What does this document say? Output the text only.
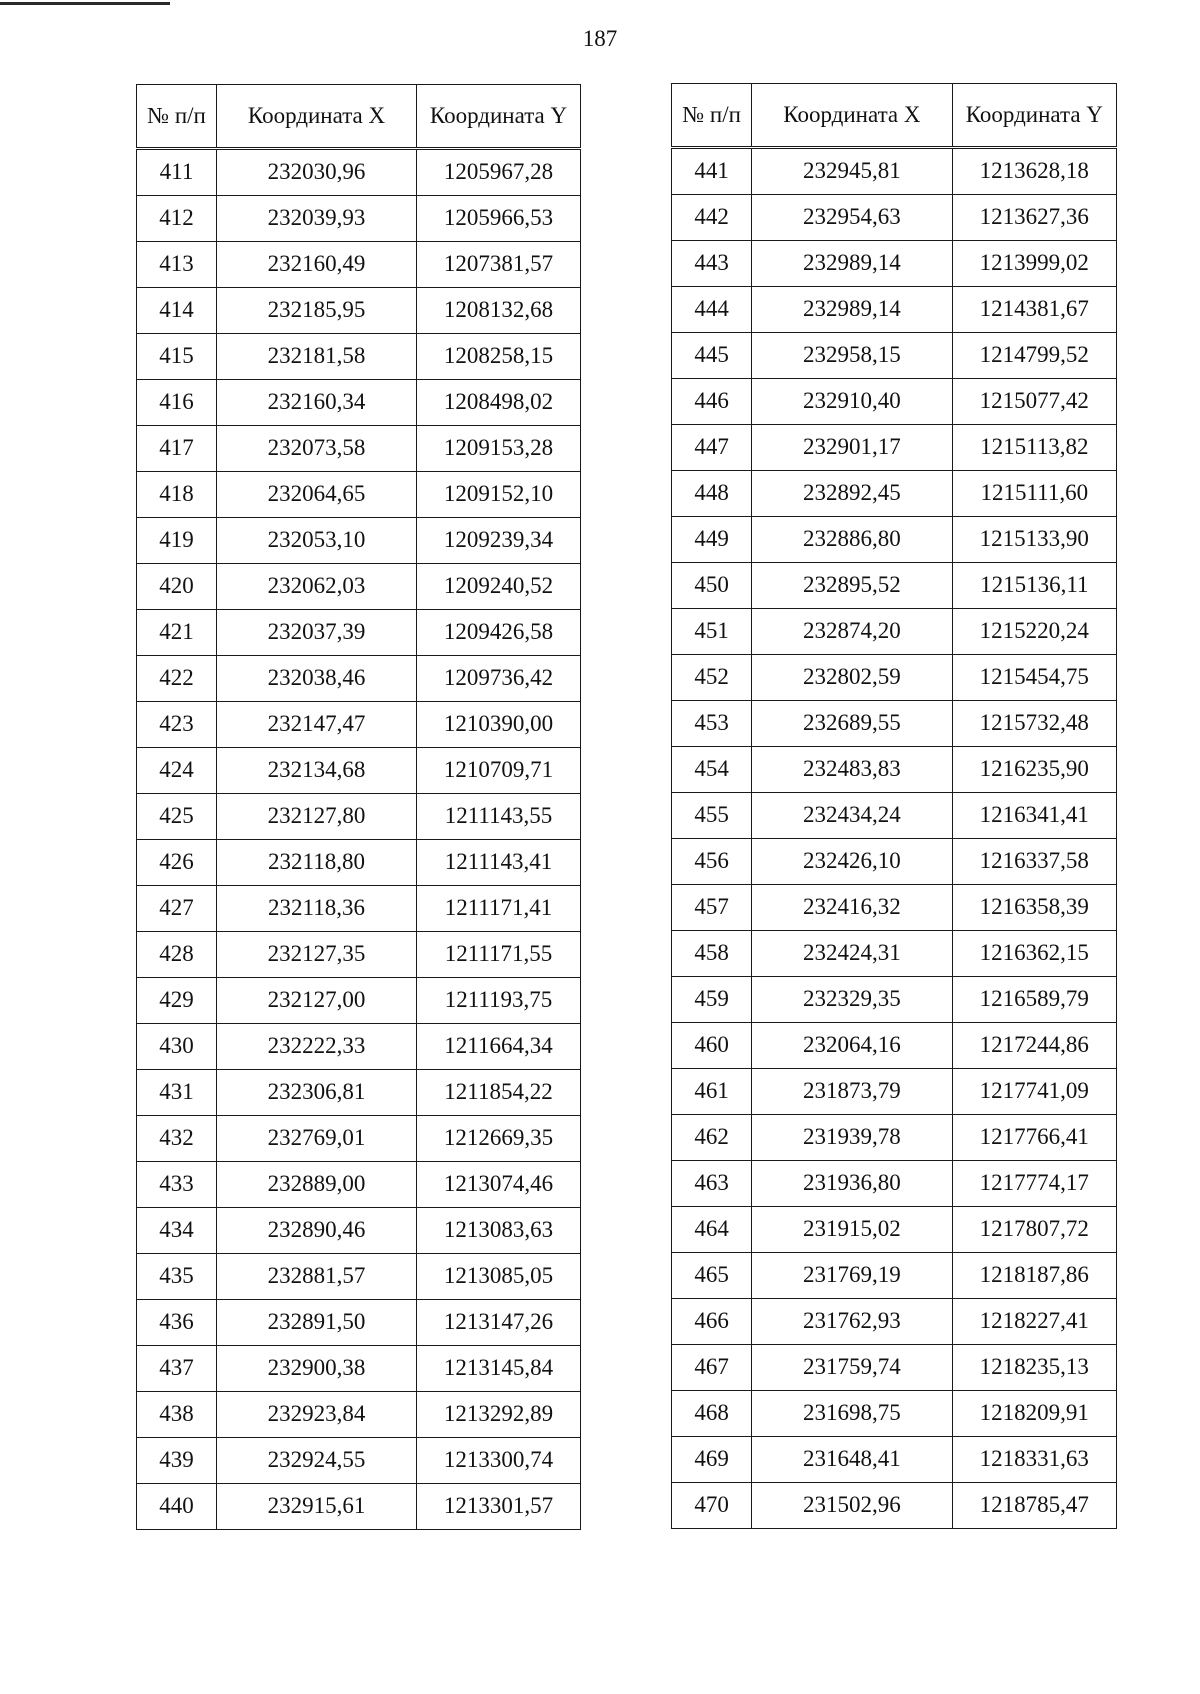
187
№ п/п	Координата X	Координата Y
411	232030,96	1205967,28
412	232039,93	1205966,53
413	232160,49	1207381,57
414	232185,95	1208132,68
415	232181,58	1208258,15
416	232160,34	1208498,02
417	232073,58	1209153,28
418	232064,65	1209152,10
419	232053,10	1209239,34
420	232062,03	1209240,52
421	232037,39	1209426,58
422	232038,46	1209736,42
423	232147,47	1210390,00
424	232134,68	1210709,71
425	232127,80	1211143,55
426	232118,80	1211143,41
427	232118,36	1211171,41
428	232127,35	1211171,55
429	232127,00	1211193,75
430	232222,33	1211664,34
431	232306,81	1211854,22
432	232769,01	1212669,35
433	232889,00	1213074,46
434	232890,46	1213083,63
435	232881,57	1213085,05
436	232891,50	1213147,26
437	232900,38	1213145,84
438	232923,84	1213292,89
439	232924,55	1213300,74
440	232915,61	1213301,57
№ п/п	Координата X	Координата Y
441	232945,81	1213628,18
442	232954,63	1213627,36
443	232989,14	1213999,02
444	232989,14	1214381,67
445	232958,15	1214799,52
446	232910,40	1215077,42
447	232901,17	1215113,82
448	232892,45	1215111,60
449	232886,80	1215133,90
450	232895,52	1215136,11
451	232874,20	1215220,24
452	232802,59	1215454,75
453	232689,55	1215732,48
454	232483,83	1216235,90
455	232434,24	1216341,41
456	232426,10	1216337,58
457	232416,32	1216358,39
458	232424,31	1216362,15
459	232329,35	1216589,79
460	232064,16	1217244,86
461	231873,79	1217741,09
462	231939,78	1217766,41
463	231936,80	1217774,17
464	231915,02	1217807,72
465	231769,19	1218187,86
466	231762,93	1218227,41
467	231759,74	1218235,13
468	231698,75	1218209,91
469	231648,41	1218331,63
470	231502,96	1218785,47
